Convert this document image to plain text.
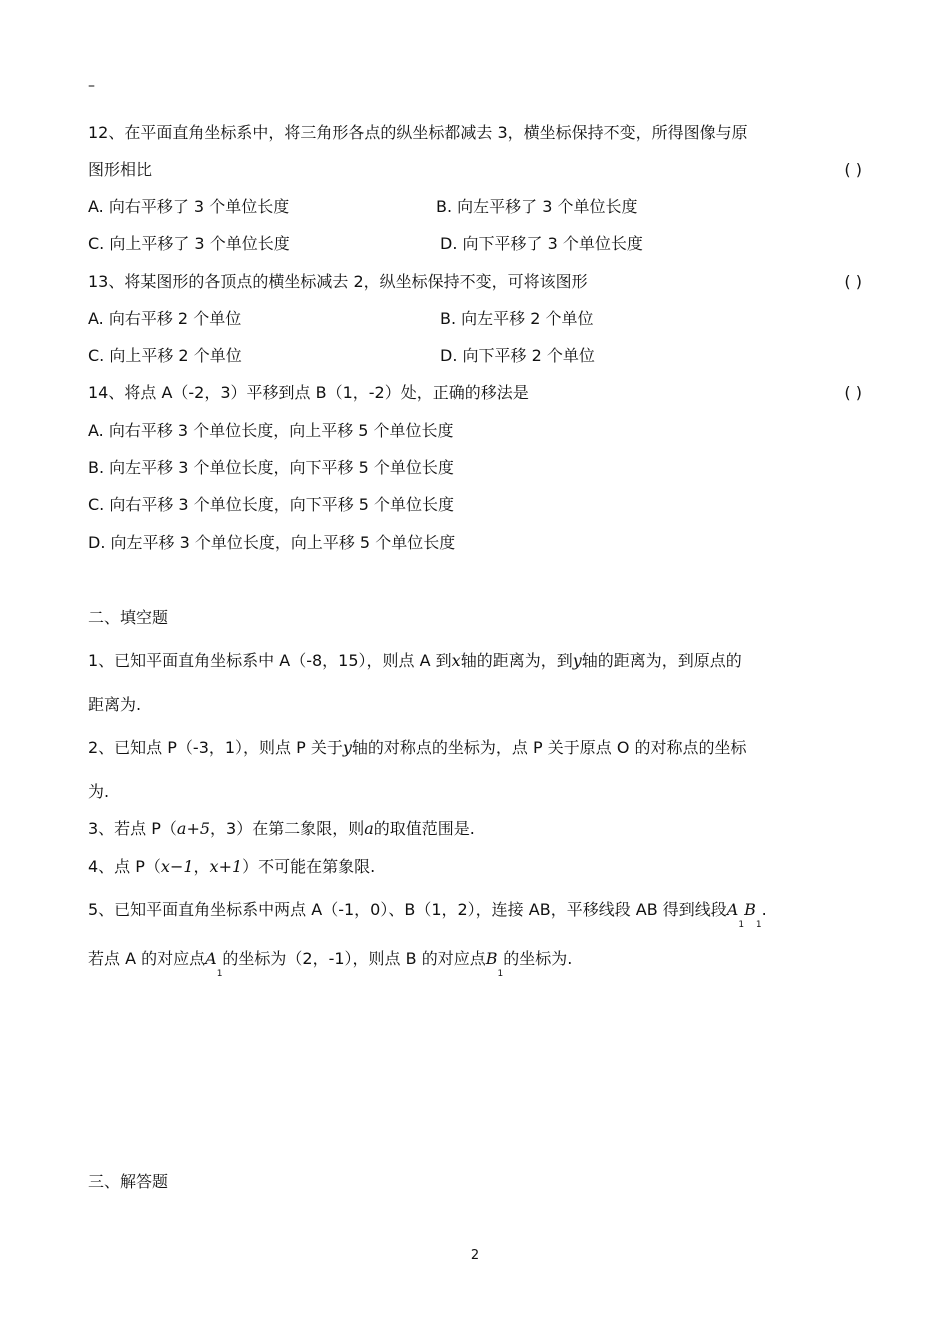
–
12、在平面直角坐标系中，将三角形各点的纵坐标都减去 3，横坐标保持不变，所得图像与原
图形相比	( )
A. 向右平移了 3 个单位长度	B. 向左平移了 3 个单位长度
C. 向上平移了 3 个单位长度	D. 向下平移了 3 个单位长度
13、将某图形的各顶点的横坐标减去 2，纵坐标保持不变，可将该图形	( )
A. 向右平移 2 个单位	B. 向左平移 2 个单位
C. 向上平移 2 个单位	D. 向下平移 2 个单位
14、将点 A（-2，3）平移到点 B（1，-2）处，正确的移法是	( )
A. 向右平移 3 个单位长度，向上平移 5 个单位长度
B. 向左平移 3 个单位长度，向下平移 5 个单位长度
C. 向右平移 3 个单位长度，向下平移 5 个单位长度
D. 向左平移 3 个单位长度，向上平移 5 个单位长度
二、填空题
1、已知平面直角坐标系中 A（-8，15），则点 A 到x轴的距离为，到y轴的距离为，到原点的
距离为.
2、已知点 P（-3，1），则点 P 关于y轴的对称点的坐标为，点 P 关于原点 O 的对称点的坐标
为.
3、若点 P（a+5，3）在第二象限，则a的取值范围是.
4、点 P（x−1，x+1）不可能在第象限.
5、已知平面直角坐标系中两点 A（-1，0）、B（1，2），连接 AB，平移线段 AB 得到线段$A_1B_1$.
若点 A 的对应点$A_1$的坐标为（2，-1），则点 B 的对应点$B_1$的坐标为.
三、解答题
2
